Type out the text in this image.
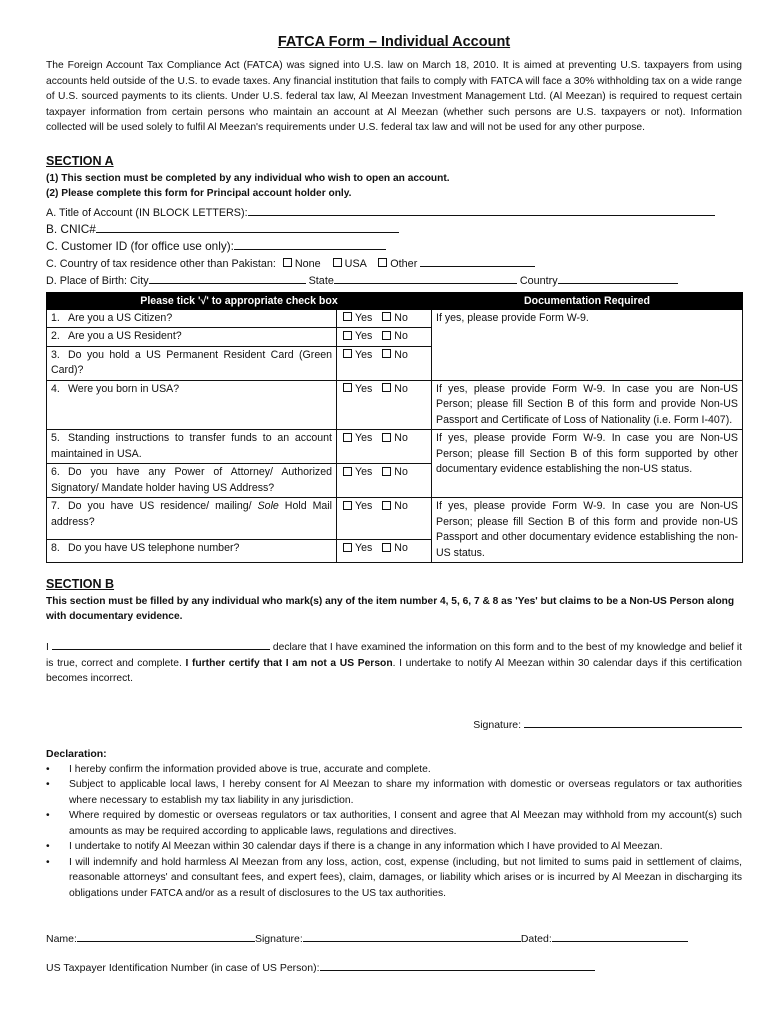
FATCA Form – Individual Account

The Foreign Account Tax Compliance Act (FATCA) was signed into U.S. law on March 18, 2010. It is aimed at preventing U.S. taxpayers from using accounts held outside of the U.S. to evade taxes. Any financial institution that fails to comply with FATCA will face a 30% withholding tax on a wide range of U.S. sourced payments to its clients. Under U.S. federal tax law, Al Meezan Investment Management Ltd. (Al Meezan) is required to request certain taxpayer information from certain persons who maintain an account at Al Meezan (whether such persons are U.S. taxpayers or not). Information collected will be used solely to fulfil Al Meezan's requirements under U.S. federal tax law and will not be used for any other purpose.

SECTION A

(1) This section must be completed by any individual who wish to open an account.

(2) Please complete this form for Principal account holder only.

A. Title of Account (IN BLOCK LETTERS):
B. CNIC#
C. Customer ID (for office use only):
C. Country of tax residence other than Pakistan: None USA Other
D. Place of Birth: City	State	Country
Please tick '√' to appropriate check box		Documentation Required
1. Are you a US Citizen?	Yes No	If yes, please provide Form W-9.
2. Are you a US Resident?	Yes No	
3. Do you hold a US Permanent Resident Card (Green Card)?	Yes No	
4. Were you born in USA?	Yes No	If yes, please provide Form W-9. In case you are Non-US Person; please fill Section B of this form and provide Non-US Passport and Certificate of Loss of Nationality (i.e. Form I-407).
5. Standing instructions to transfer funds to an account maintained in USA.	Yes No	If yes, please provide Form W-9. In case you are Non-US Person; please fill Section B of this form supported by other documentary evidence establishing the non-US status.
6. Do you have any Power of Attorney/ Authorized Signatory/ Mandate holder having US Address?	Yes No	
7. Do you have US residence/ mailing/ Sole Hold Mail address?	Yes No	If yes, please provide Form W-9. In case you are Non-US Person; please fill Section B of this form and provide non-US Passport and other documentary evidence establishing the non-US status.
8. Do you have US telephone number?	Yes No	
SECTION B

This section must be filled by any individual who mark(s) any of the item number 4, 5, 6, 7 & 8 as 'Yes' but claims to be a Non-US Person along with documentary evidence.

I	declare that I have examined the information on this form and to the best of my knowledge and belief it is true, correct and complete. I further certify that I am not a US Person. I undertake to notify Al Meezan within 30 calendar days if this certification becomes incorrect.

Signature:
Declaration:
• I hereby confirm the information provided above is true, accurate and complete.
• Subject to applicable local laws, I hereby consent for Al Meezan to share my information with domestic or overseas regulators or tax authorities where necessary to establish my tax liability in any jurisdiction.
• Where required by domestic or overseas regulators or tax authorities, I consent and agree that Al Meezan may withhold from my account(s) such amounts as may be required according to applicable laws, regulations and directives.
• I undertake to notify Al Meezan within 30 calendar days if there is a change in any information which I have provided to Al Meezan.
• I will indemnify and hold harmless Al Meezan from any loss, action, cost, expense (including, but not limited to sums paid in settlement of claims, reasonable attorneys' and consultant fees, and expert fees), claim, damages, or liability which arises or is incurred by Al Meezan in discharging its obligations under FATCA and/or as a result of disclosures to the US tax authorities.
Name:	Signature:	Dated:
US Taxpayer Identification Number (in case of US Person):
